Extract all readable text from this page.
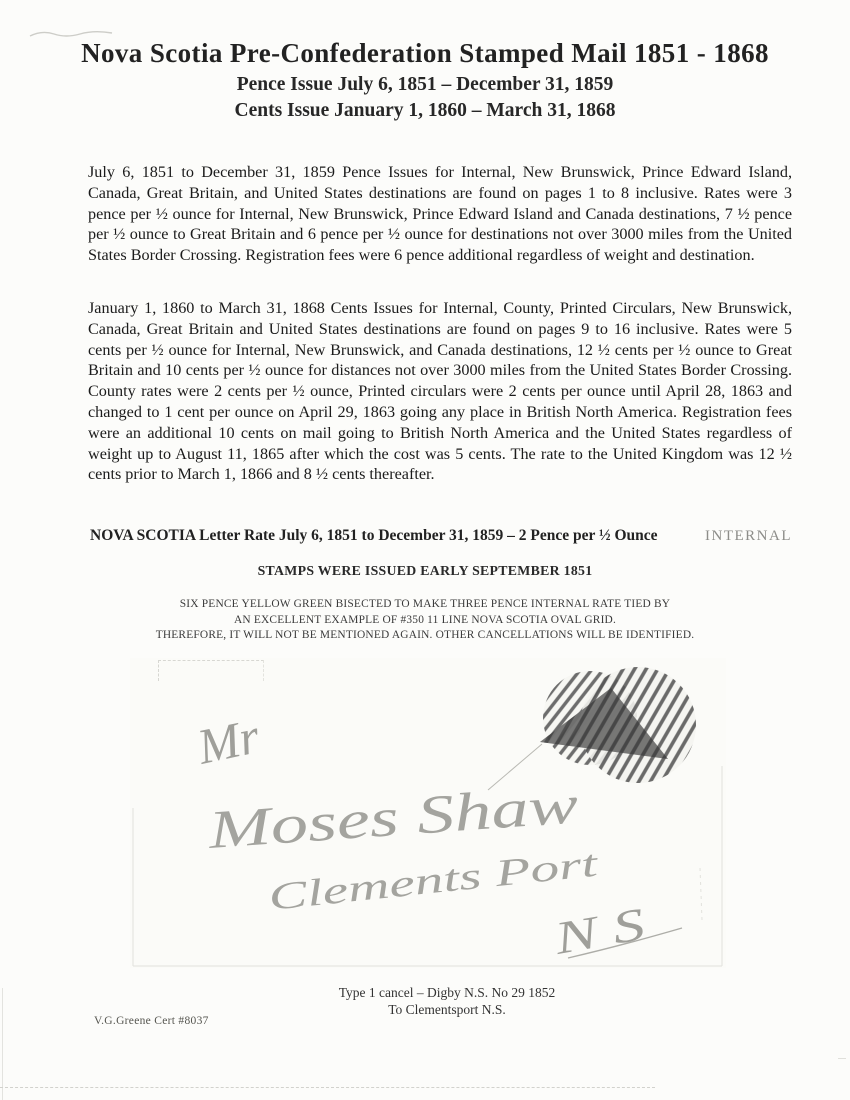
Nova Scotia Pre-Confederation Stamped Mail 1851 - 1868
Pence Issue July 6, 1851 – December 31, 1859
Cents Issue January 1, 1860 – March 31, 1868
July 6, 1851 to December 31, 1859 Pence Issues for Internal, New Brunswick, Prince Edward Island, Canada, Great Britain, and United States destinations are found on pages 1 to 8 inclusive. Rates were 3 pence per ½ ounce for Internal, New Brunswick, Prince Edward Island and Canada destinations, 7 ½ pence per ½ ounce to Great Britain and 6 pence per ½ ounce for destinations not over 3000 miles from the United States Border Crossing. Registration fees were 6 pence additional regardless of weight and destination.
January 1, 1860 to March 31, 1868 Cents Issues for Internal, County, Printed Circulars, New Brunswick, Canada, Great Britain and United States destinations are found on pages 9 to 16 inclusive. Rates were 5 cents per ½ ounce for Internal, New Brunswick, and Canada destinations, 12 ½ cents per ½ ounce to Great Britain and 10 cents per ½ ounce for distances not over 3000 miles from the United States Border Crossing. County rates were 2 cents per ½ ounce, Printed circulars were 2 cents per ounce until April 28, 1863 and changed to 1 cent per ounce on April 29, 1863 going any place in British North America. Registration fees were an additional 10 cents on mail going to British North America and the United States regardless of weight up to August 11, 1865 after which the cost was 5 cents. The rate to the United Kingdom was 12 ½ cents prior to March 1, 1866 and 8 ½ cents thereafter.
NOVA SCOTIA Letter Rate July 6, 1851 to December 31, 1859 – 2 Pence per ½ Ounce	INTERNAL
STAMPS WERE ISSUED EARLY SEPTEMBER 1851
SIX PENCE YELLOW GREEN BISECTED TO MAKE THREE PENCE INTERNAL RATE TIED BY
AN EXCELLENT EXAMPLE OF #350 11 LINE NOVA SCOTIA OVAL GRID.
THEREFORE, IT WILL NOT BE MENTIONED AGAIN. OTHER CANCELLATIONS WILL BE IDENTIFIED.
Mr
Moses Shaw
Clements Port
N S
Type 1 cancel – Digby N.S. No 29 1852
To Clementsport N.S.
V.G.Greene Cert #8037
